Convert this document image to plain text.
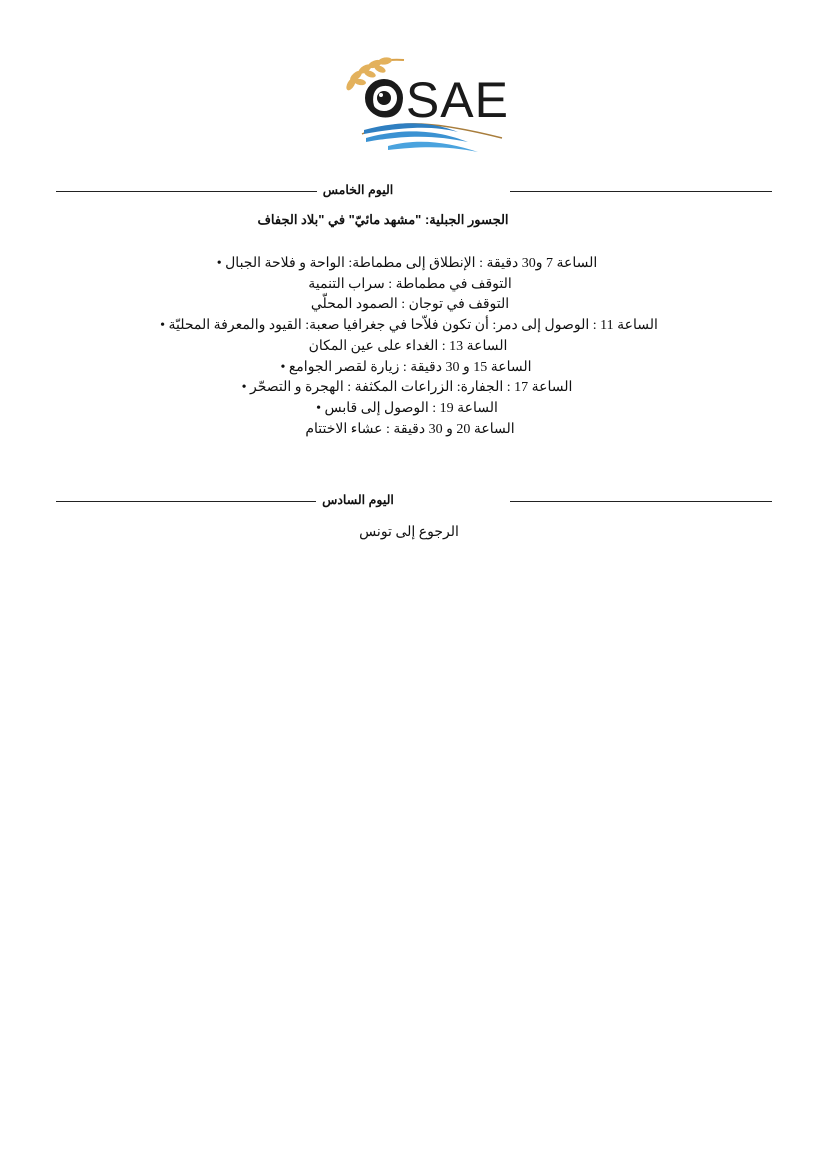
OSAE
اليوم الخامس
الجسور الجبلية: "مشهد مائيّ" في "بلاد الجفاف
الساعة 7 و30 دقيقة : الإنطلاق إلى مطماطة: الواحة و فلاحة الجبال •
التوقف في مطماطة : سراب التنمية
التوقف في توجان : الصمود المحلّي
الساعة 11 : الوصول إلى دمر: أن تكون فلاّحا في جغرافيا صعبة: القيود والمعرفة المحليّة •
الساعة 13 : الغداء على عين المكان
الساعة 15 و 30 دقيقة : زيارة لقصر الجوامع •
الساعة 17 : الجفارة: الزراعات المكثفة : الهجرة و التصحّر •
الساعة 19 : الوصول إلى قابس •
الساعة 20 و 30 دقيقة : عشاء الاختتام
اليوم السادس
الرجوع إلى تونس
